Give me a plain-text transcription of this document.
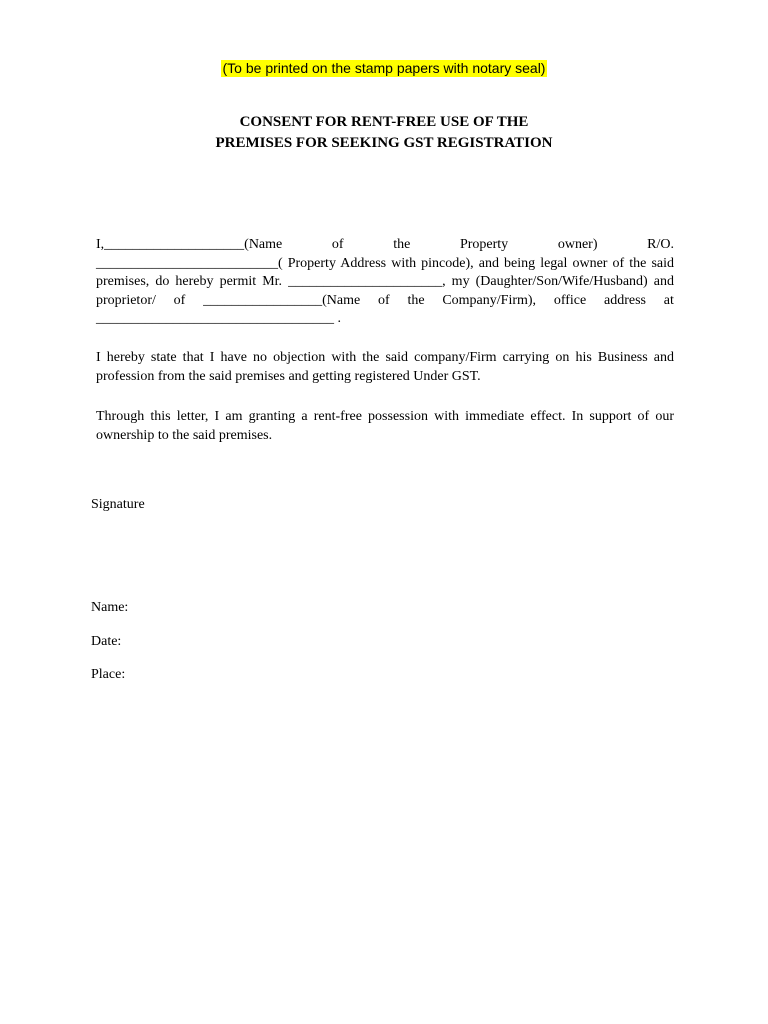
(To be printed on the stamp papers with notary seal)
CONSENT FOR RENT-FREE USE OF THE
PREMISES FOR SEEKING GST REGISTRATION
I,____________________(Name	of	the	Property	owner)	R/O.
__________________________( Property Address with pincode), and being legal owner of the said
premises, do hereby permit Mr. ______________________, my (Daughter/Son/Wife/Husband) and
proprietor/ of _________________(Name of the Company/Firm), office address at
__________________________________ .
I hereby state that I have no objection with the said company/Firm carrying on his Business and profession from the said premises and getting registered Under GST.
Through this letter, I am granting a rent-free possession with immediate effect. In support of our ownership to the said premises.
Signature
Name:
Date:
Place:
